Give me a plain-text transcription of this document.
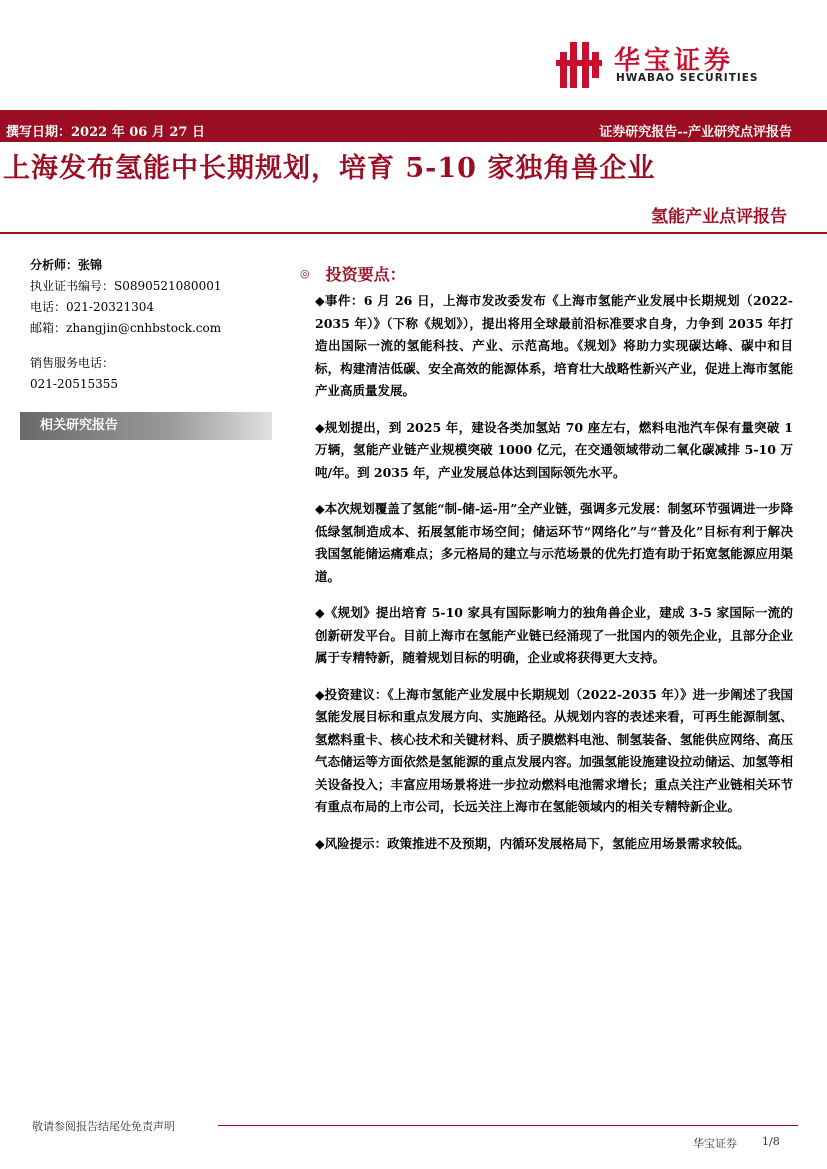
华宝证券
HWABAO SECURITIES
撰写日期：2022 年 06 月 27 日	证券研究报告--产业研究点评报告
上海发布氢能中长期规划，培育 5-10 家独角兽企业
氢能产业点评报告
分析师：张锦
执业证书编号：S0890521080001
电话：021-20321304
邮箱：zhangjin@cnhbstock.com
销售服务电话：
021-20515355
相关研究报告
◎ 投资要点：

◆事件：6 月 26 日，上海市发改委发布《上海市氢能产业发展中长期规划（2022-2035 年）》（下称《规划》），提出将用全球最前沿标准要求自身，力争到 2035 年打造出国际一流的氢能科技、产业、示范高地。《规划》将助力实现碳达峰、碳中和目标，构建清洁低碳、安全高效的能源体系，培育壮大战略性新兴产业，促进上海市氢能产业高质量发展。

◆规划提出，到 2025 年，建设各类加氢站 70 座左右，燃料电池汽车保有量突破 1 万辆，氢能产业链产业规模突破 1000 亿元，在交通领域带动二氧化碳减排 5-10 万吨/年。到 2035 年，产业发展总体达到国际领先水平。

◆本次规划覆盖了氢能“制-储-运-用”全产业链，强调多元发展：制氢环节强调进一步降低绿氢制造成本、拓展氢能市场空间；储运环节“网络化”与“普及化”目标有利于解决我国氢能储运痛难点；多元格局的建立与示范场景的优先打造有助于拓宽氢能源应用渠道。

◆《规划》提出培育 5-10 家具有国际影响力的独角兽企业，建成 3-5 家国际一流的创新研发平台。目前上海市在氢能产业链已经涌现了一批国内的领先企业，且部分企业属于专精特新，随着规划目标的明确，企业或将获得更大支持。

◆投资建议：《上海市氢能产业发展中长期规划（2022-2035 年）》进一步阐述了我国氢能发展目标和重点发展方向、实施路径。从规划内容的表述来看，可再生能源制氢、氢燃料重卡、核心技术和关键材料、质子膜燃料电池、制氢装备、氢能供应网络、高压气态储运等方面依然是氢能源的重点发展内容。加强氢能设施建设拉动储运、加氢等相关设备投入；丰富应用场景将进一步拉动燃料电池需求增长；重点关注产业链相关环节有重点布局的上市公司，长远关注上海市在氢能领域内的相关专精特新企业。

◆风险提示：政策推进不及预期，内循环发展格局下，氢能应用场景需求较低。

敬请参阅报告结尾处免责声明
华宝证券 1/8
